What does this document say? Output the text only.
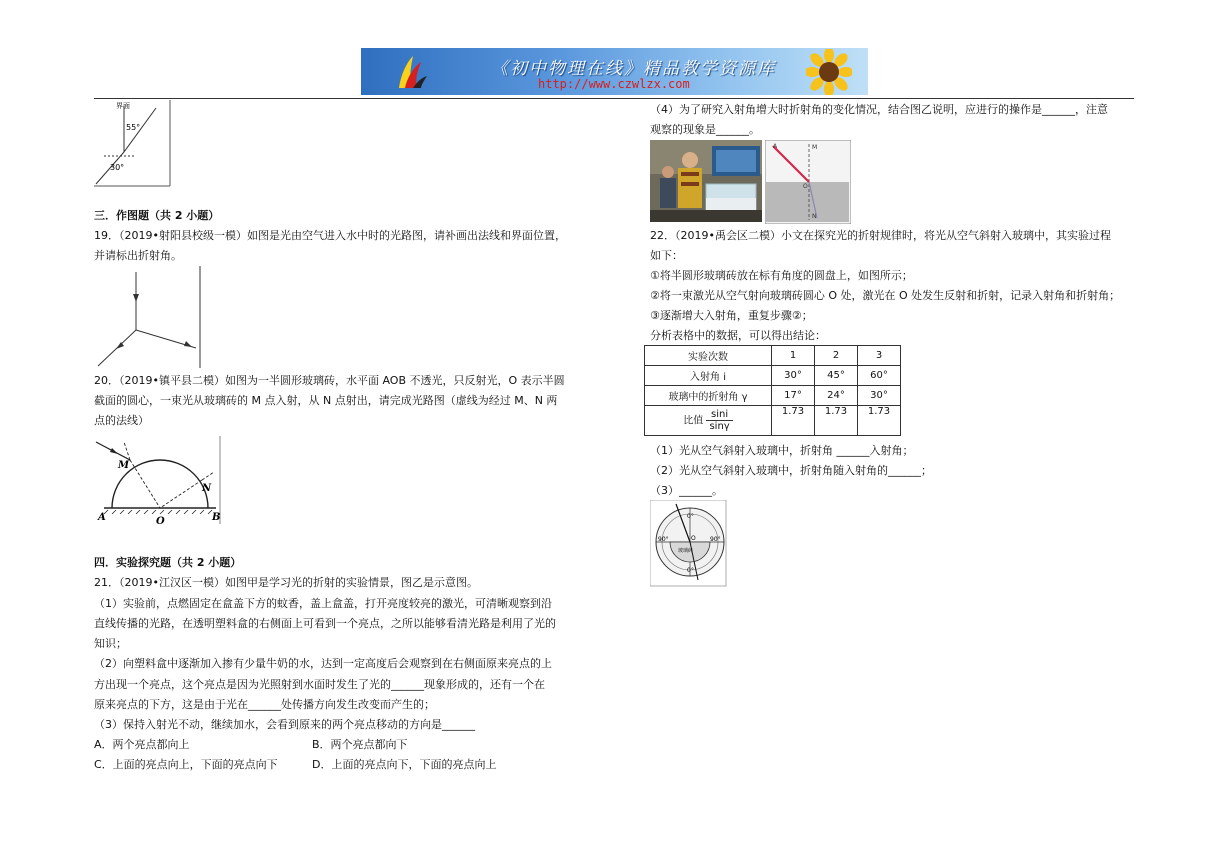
《初中物理在线》精品教学资源库
http://www.czwlzx.com
界面
55°
30°
三．作图题（共 2 小题）
19．（2019•射阳县校级一模）如图是光由空气进入水中时的光路图，请补画出法线和界面位置，
并请标出折射角。
20．（2019•镇平县二模）如图为一半圆形玻璃砖，水平面 AOB 不透光，只反射光，O 表示半圆
截面的圆心，一束光从玻璃砖的 M 点入射，从 N 点射出，请完成光路图（虚线为经过 M、N 两
点的法线）
M
N
A	O	B
四．实验探究题（共 2 小题）
21．（2019•江汉区一模）如图甲是学习光的折射的实验情景，图乙是示意图。
（1）实验前，点燃固定在盒盖下方的蚊香，盖上盒盖，打开亮度较亮的激光，可清晰观察到沿
直线传播的光路，在透明塑料盒的右侧面上可看到一个亮点，之所以能够看清光路是利用了光的
知识；
（2）向塑料盒中逐渐加入掺有少量牛奶的水，达到一定高度后会观察到在右侧面原来亮点的上
方出现一个亮点，这个亮点是因为光照射到水面时发生了光的______现象形成的，还有一个在
原来亮点的下方，这是由于光在______处传播方向发生改变而产生的；
（3）保持入射光不动，继续加水，会看到原来的两个亮点移动的方向是______
A．两个亮点都向上	B．两个亮点都向下
C．上面的亮点向上，下面的亮点向下	D．上面的亮点向下，下面的亮点向上
（4）为了研究入射角增大时折射角的变化情况，结合图乙说明，应进行的操作是______，注意
观察的现象是______。
A	M
O
N
22．（2019•禹会区二模）小文在探究光的折射规律时，将光从空气斜射入玻璃中，其实验过程
如下：
①将半圆形玻璃砖放在标有角度的圆盘上，如图所示；
②将一束激光从空气射向玻璃砖圆心 O 处，激光在 O 处发生反射和折射，记录入射角和折射角；
③逐渐增大入射角，重复步骤②；
分析表格中的数据，可以得出结论：
实验次数	1	2	3
入射角 i	30°	45°	60°
玻璃中的折射角 γ	17°	24°	30°
比值 $\frac{\sin i}{\sin\gamma}$	1.73	1.73	1.73
（1）光从空气斜射入玻璃中，折射角 ______入射角；
（2）光从空气斜射入玻璃中，折射角随入射角的______；
（3）______。
0°
90°	90°
0°
玻璃砖
O
